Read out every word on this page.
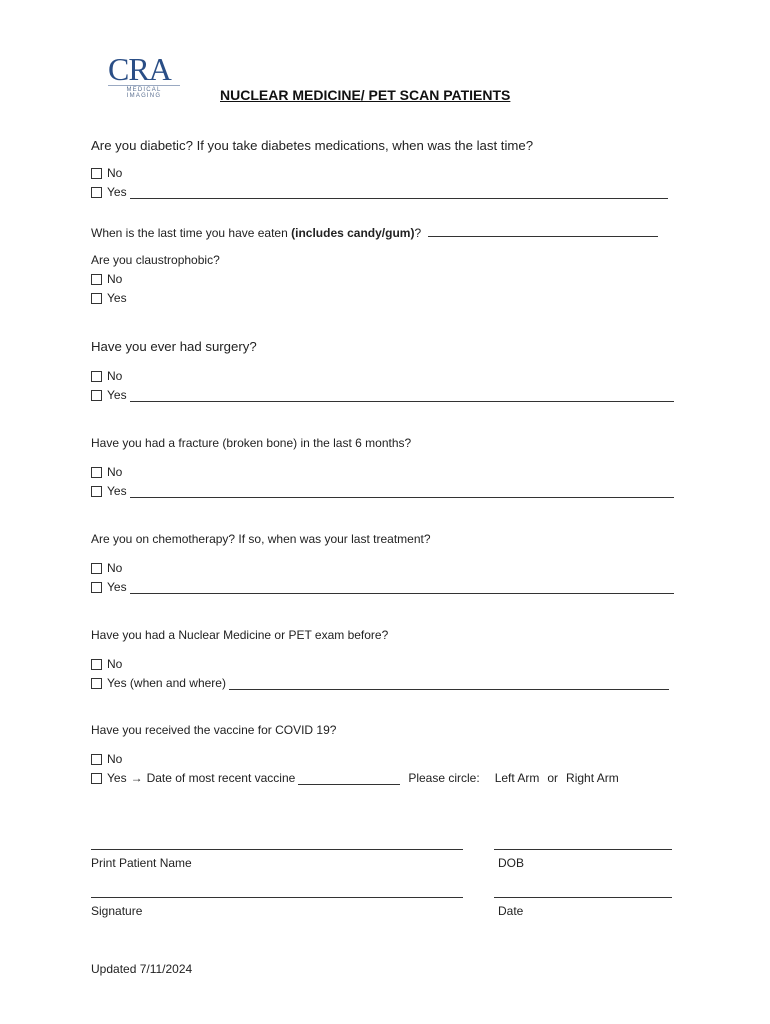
CRA
MEDICAL IMAGING	NUCLEAR MEDICINE/ PET SCAN PATIENTS
Are you diabetic? If you take diabetes medications, when was the last time?
No
Yes
When is the last time you have eaten (includes candy/gum)?
Are you claustrophobic?
No
Yes
Have you ever had surgery?
No
Yes
Have you had a fracture (broken bone) in the last 6 months?
No
Yes
Are you on chemotherapy? If so, when was your last treatment?
No
Yes
Have you had a Nuclear Medicine or PET exam before?
No
Yes (when and where)
Have you received the vaccine for COVID 19?
No
Yes → Date of most recent vaccine	Please circle: Left Arm or Right Arm
Print Patient Name	DOB
Signature	Date
Updated 7/11/2024
